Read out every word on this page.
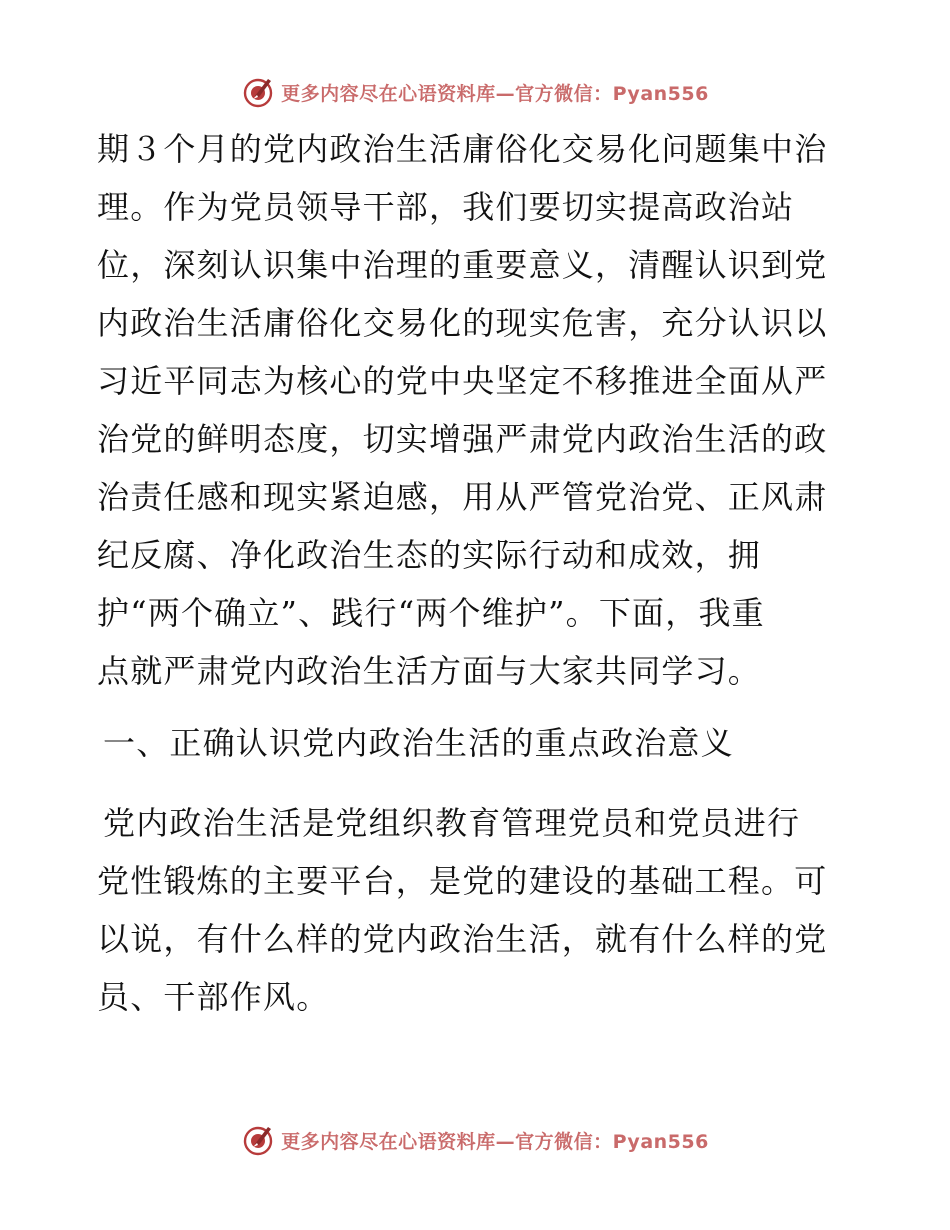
更多内容尽在心语资料库—官方微信：Pyan556
期３个月的党内政治生活庸俗化交易化问题集中治
理。作为党员领导干部，我们要切实提高政治站
位，深刻认识集中治理的重要意义，清醒认识到党
内政治生活庸俗化交易化的现实危害，充分认识以
习近平同志为核心的党中央坚定不移推进全面从严
治党的鲜明态度，切实增强严肃党内政治生活的政
治责任感和现实紧迫感，用从严管党治党、正风肃
纪反腐、净化政治生态的实际行动和成效，拥
护“两个确立”、践行“两个维护”。下面，我重
点就严肃党内政治生活方面与大家共同学习。
一、正确认识党内政治生活的重点政治意义
党内政治生活是党组织教育管理党员和党员进行
党性锻炼的主要平台，是党的建设的基础工程。可
以说，有什么样的党内政治生活，就有什么样的党
员、干部作风。
更多内容尽在心语资料库—官方微信：Pyan556
